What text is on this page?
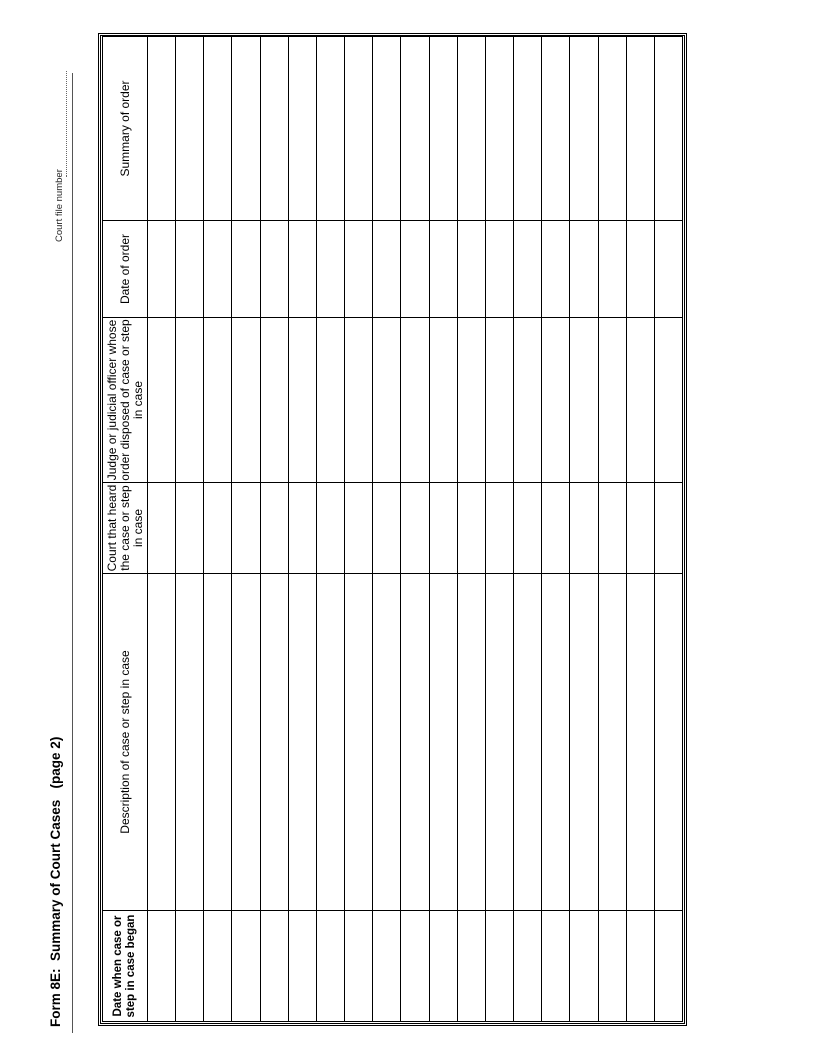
Form 8E:  Summary of Court Cases   (page 2)
Court file number
Date when case or step in case began	Description of case or step in case	Court that heard the case or step in case	Judge or judicial officer whose order disposed of case or step in case	Date of order	Summary of order
